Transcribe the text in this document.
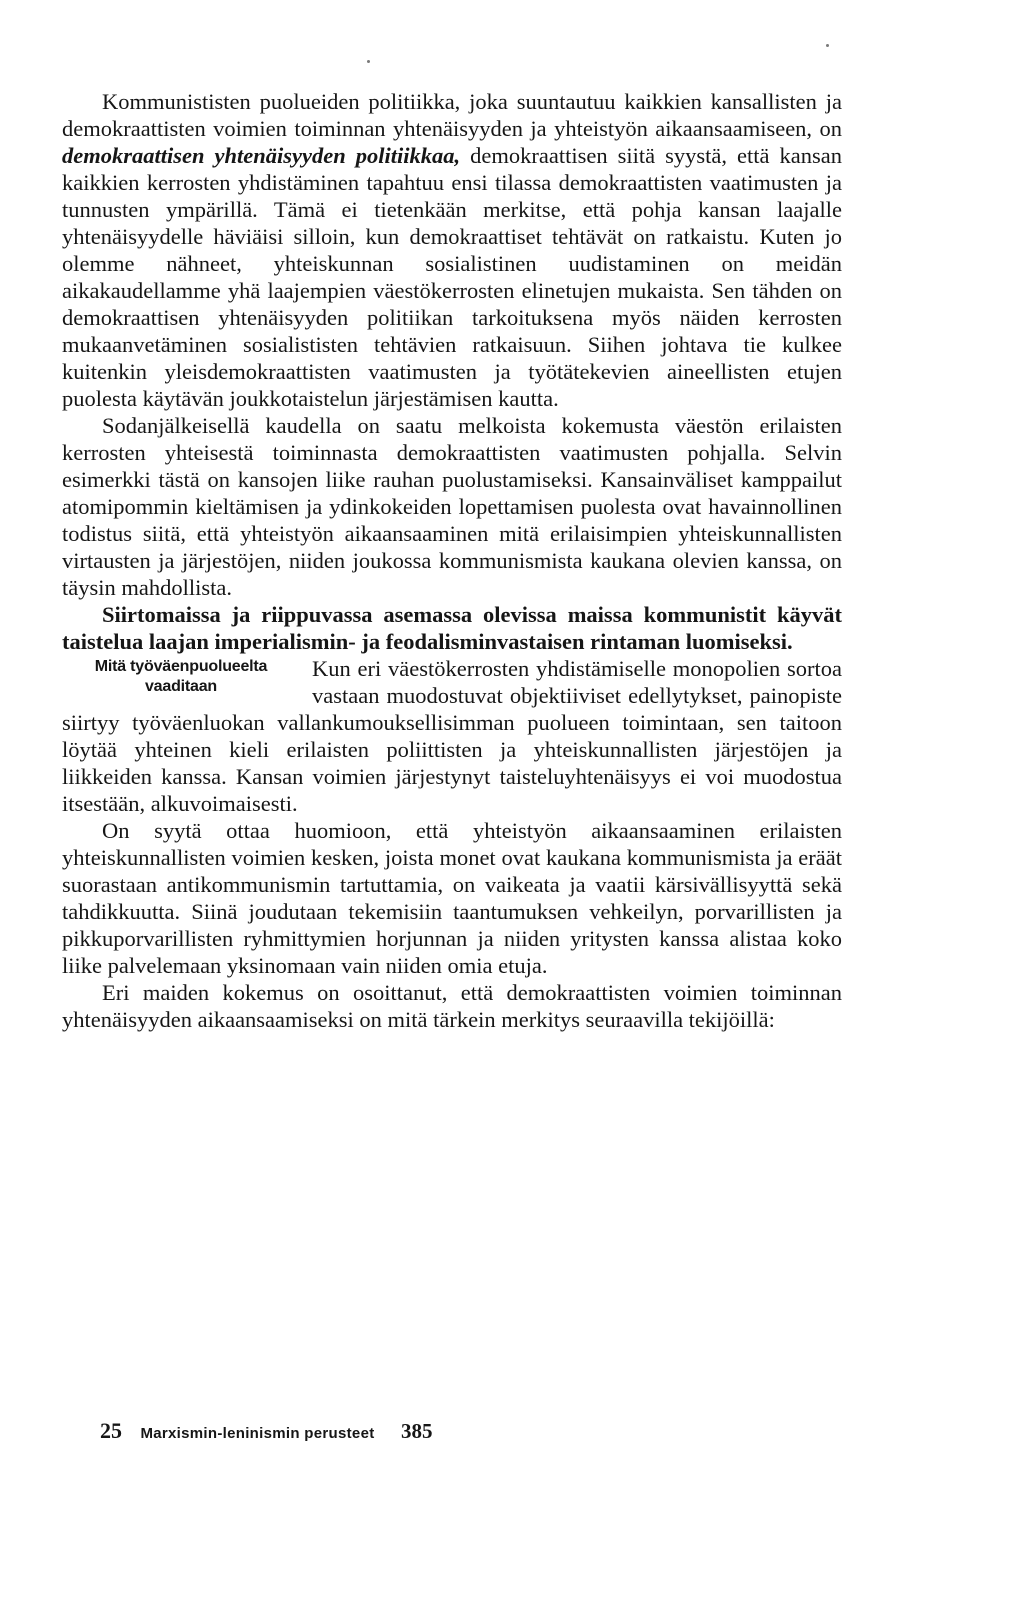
Kommunististen puolueiden politiikka, joka suuntautuu kaikkien kansallisten ja demokraattisten voimien toiminnan yhtenäisyyden ja yhteistyön aikaansaamiseen, on demokraattisen yhtenäisyyden politiikkaa, demokraattisen siitä syystä, että kansan kaikkien kerrosten yhdistäminen tapahtuu ensi tilassa demokraattisten vaatimusten ja tunnusten ympärillä. Tämä ei tietenkään merkitse, että pohja kansan laajalle yhtenäisyydelle häviäisi silloin, kun demokraattiset tehtävät on ratkaistu. Kuten jo olemme nähneet, yhteiskunnan sosialistinen uudistaminen on meidän aikakaudellamme yhä laajempien väestökerrosten elinetujen mukaista. Sen tähden on demokraattisen yhtenäisyyden politiikan tarkoituksena myös näiden kerrosten mukaanvetäminen sosialististen tehtävien ratkaisuun. Siihen johtava tie kulkee kuitenkin yleisdemokraattisten vaatimusten ja työtätekevien aineellisten etujen puolesta käytävän joukkotaistelun järjestämisen kautta.

Sodanjälkeisellä kaudella on saatu melkoista kokemusta väestön erilaisten kerrosten yhteisestä toiminnasta demokraattisten vaatimusten pohjalla. Selvin esimerkki tästä on kansojen liike rauhan puolustamiseksi. Kansainväliset kamppailut atomipommin kieltämisen ja ydinkokeiden lopettamisen puolesta ovat havainnollinen todistus siitä, että yhteistyön aikaansaaminen mitä erilaisimpien yhteiskunnallisten virtausten ja järjestöjen, niiden joukossa kommunismista kaukana olevien kanssa, on täysin mahdollista.

Siirtomaissa ja riippuvassa asemassa olevissa maissa kommunistit käyvät taistelua laajan imperialismin- ja feodalisminvastaisen rintaman luomiseksi.

Mitä työväenpuolueelta
vaaditaan
Kun eri väestökerrosten yhdistämiselle monopolien sortoa vastaan muodostuvat objektiiviset edellytykset, painopiste siirtyy työväenluokan vallankumouksellisimman puolueen toimintaan, sen taitoon löytää yhteinen kieli erilaisten poliittisten ja yhteiskunnallisten järjestöjen ja liikkeiden kanssa. Kansan voimien järjestynyt taisteluyhtenäisyys ei voi muodostua itsestään, alkuvoimaisesti.

On syytä ottaa huomioon, että yhteistyön aikaansaaminen erilaisten yhteiskunnallisten voimien kesken, joista monet ovat kaukana kommunismista ja eräät suorastaan antikommunismin tartuttamia, on vaikeata ja vaatii kärsivällisyyttä sekä tahdikkuutta. Siinä joudutaan tekemisiin taantumuksen vehkeilyn, porvarillisten ja pikkuporvarillisten ryhmittymien horjunnan ja niiden yritysten kanssa alistaa koko liike palvelemaan yksinomaan vain niiden omia etuja.

Eri maiden kokemus on osoittanut, että demokraattisten voimien toiminnan yhtenäisyyden aikaansaamiseksi on mitä tärkein merkitys seuraavilla tekijöillä:

25 Marxismin-leninismin perusteet 385
